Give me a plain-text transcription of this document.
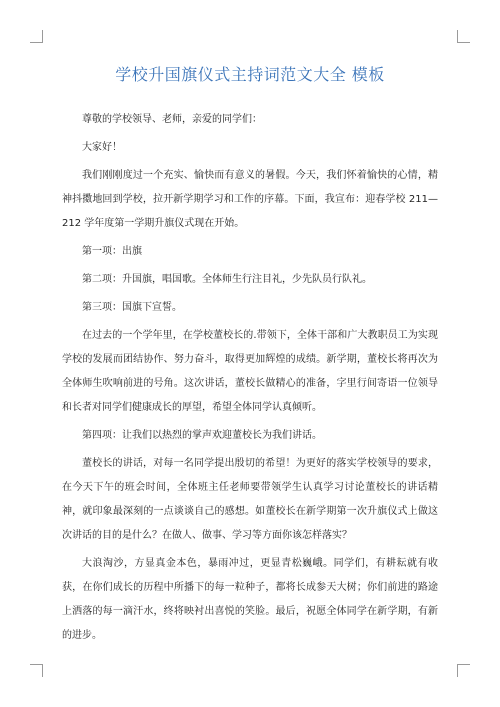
学校升国旗仪式主持词范文大全 模板

尊敬的学校领导、老师，亲爱的同学们：

大家好！

我们刚刚度过一个充实、愉快而有意义的暑假。今天，我们怀着愉快的心情，精神抖擞地回到学校，拉开新学期学习和工作的序幕。下面，我宣布：迎春学校 211—212 学年度第一学期升旗仪式现在开始。

第一项：出旗

第二项：升国旗，唱国歌。全体师生行注目礼，少先队员行队礼。

第三项：国旗下宣誓。

在过去的一个学年里，在学校董校长的.带领下，全体干部和广大教职员工为实现学校的发展而团结协作、努力奋斗，取得更加辉煌的成绩。新学期，董校长将再次为全体师生吹响前进的号角。这次讲话，董校长做精心的准备，字里行间寄语一位领导和长者对同学们健康成长的厚望，希望全体同学认真倾听。

第四项：让我们以热烈的掌声欢迎董校长为我们讲话。

董校长的讲话，对每一名同学提出殷切的希望！为更好的落实学校领导的要求，在今天下午的班会时间，全体班主任老师要带领学生认真学习讨论董校长的讲话精神，就印象最深刻的一点谈谈自己的感想。如董校长在新学期第一次升旗仪式上做这次讲话的目的是什么？在做人、做事、学习等方面你该怎样落实？

大浪淘沙，方显真金本色，暴雨冲过，更显青松巍峨。同学们，有耕耘就有收获，在你们成长的历程中所播下的每一粒种子，都将长成参天大树；你们前进的路途上洒落的每一滴汗水，终将映衬出喜悦的笑脸。最后，祝愿全体同学在新学期，有新的进步。
